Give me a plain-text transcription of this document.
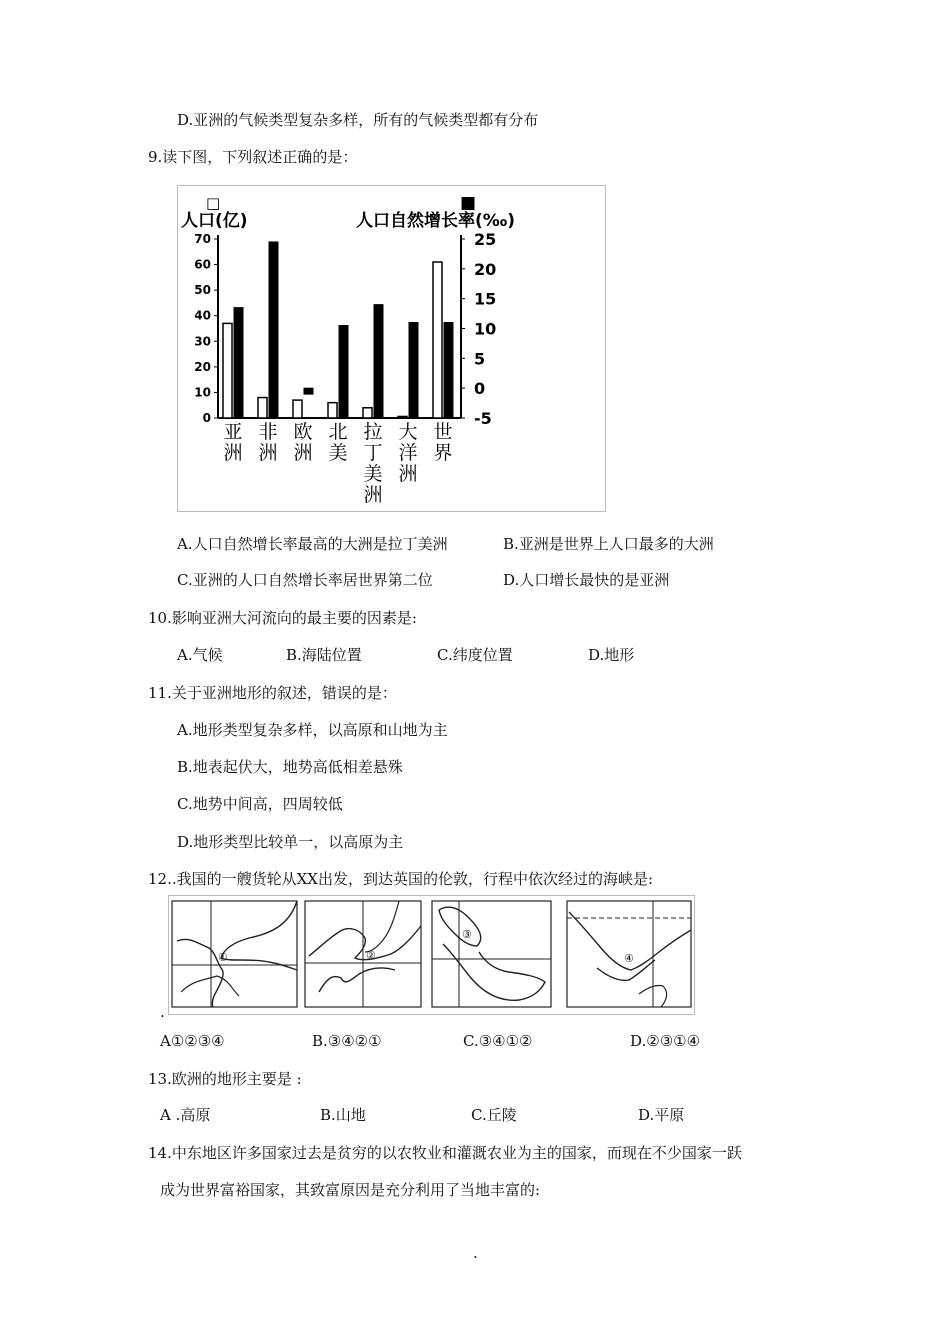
D.亚洲的气候类型复杂多样，所有的气候类型都有分布
9.读下图，下列叙述正确的是：
□	■
人口(亿)	人口自然增长率(‰)
70
60
50
40
30
20
10
0
25
20
15
10
5
0
-5
亚
洲
非
洲
欧
洲
北
美
拉
丁
美
洲
大
洋
洲
世
界
A.人口自然增长率最高的大洲是拉丁美洲	B.亚洲是世界上人口最多的大洲
C.亚洲的人口自然增长率居世界第二位	D.人口增长最快的是亚洲
10.影响亚洲大河流向的最主要的因素是:
A.气候	B.海陆位置	C.纬度位置	D.地形
11.关于亚洲地形的叙述，错误的是：
A.地形类型复杂多样，以高原和山地为主
B.地表起伏大，地势高低相差悬殊
C.地势中间高，四周较低
D.地形类型比较单一，以高原为主
12..我国的一艘货轮从XX出发，到达英国的伦敦，行程中依次经过的海峡是:
①	②
③
④
.
A①②③④	B.③④②①	C.③④①②	D.②③①④
13.欧洲的地形主要是 :
A .高原	B.山地	C.丘陵	D.平原
14.中东地区许多国家过去是贫穷的以农牧业和灌溉农业为主的国家，而现在不少国家一跃
成为世界富裕国家，其致富原因是充分利用了当地丰富的:
.
